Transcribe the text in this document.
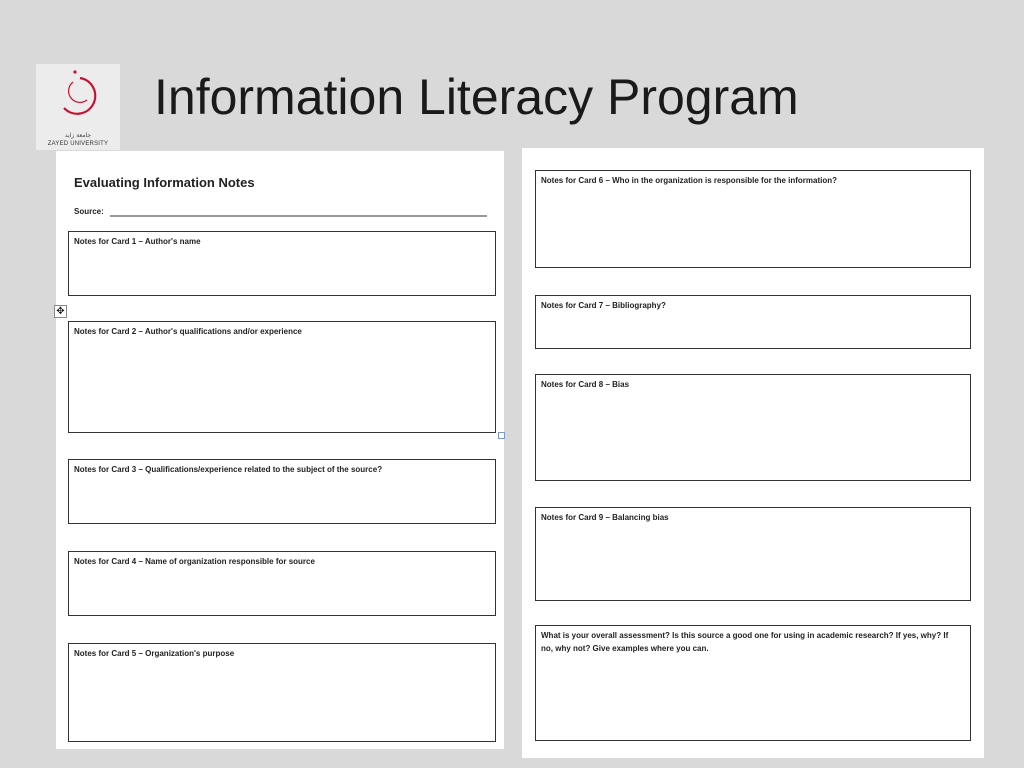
جامعة زايد
ZAYED UNIVERSITY
Information Literacy Program
Evaluating Information Notes
Source:
Notes for Card 1 – Author's name
Notes for Card 2 – Author's qualifications and/or experience
Notes for Card 3 – Qualifications/experience related to the subject of the source?
Notes for Card 4 – Name of organization responsible for source
Notes for Card 5 – Organization's purpose
Notes for Card 6 – Who in the organization is responsible for the information?
Notes for Card 7 – Bibliography?
Notes for Card 8 – Bias
Notes for Card 9 – Balancing bias
What is your overall assessment? Is this source a good one for using in academic research? If yes, why? If no, why not? Give examples where you can.
✥
